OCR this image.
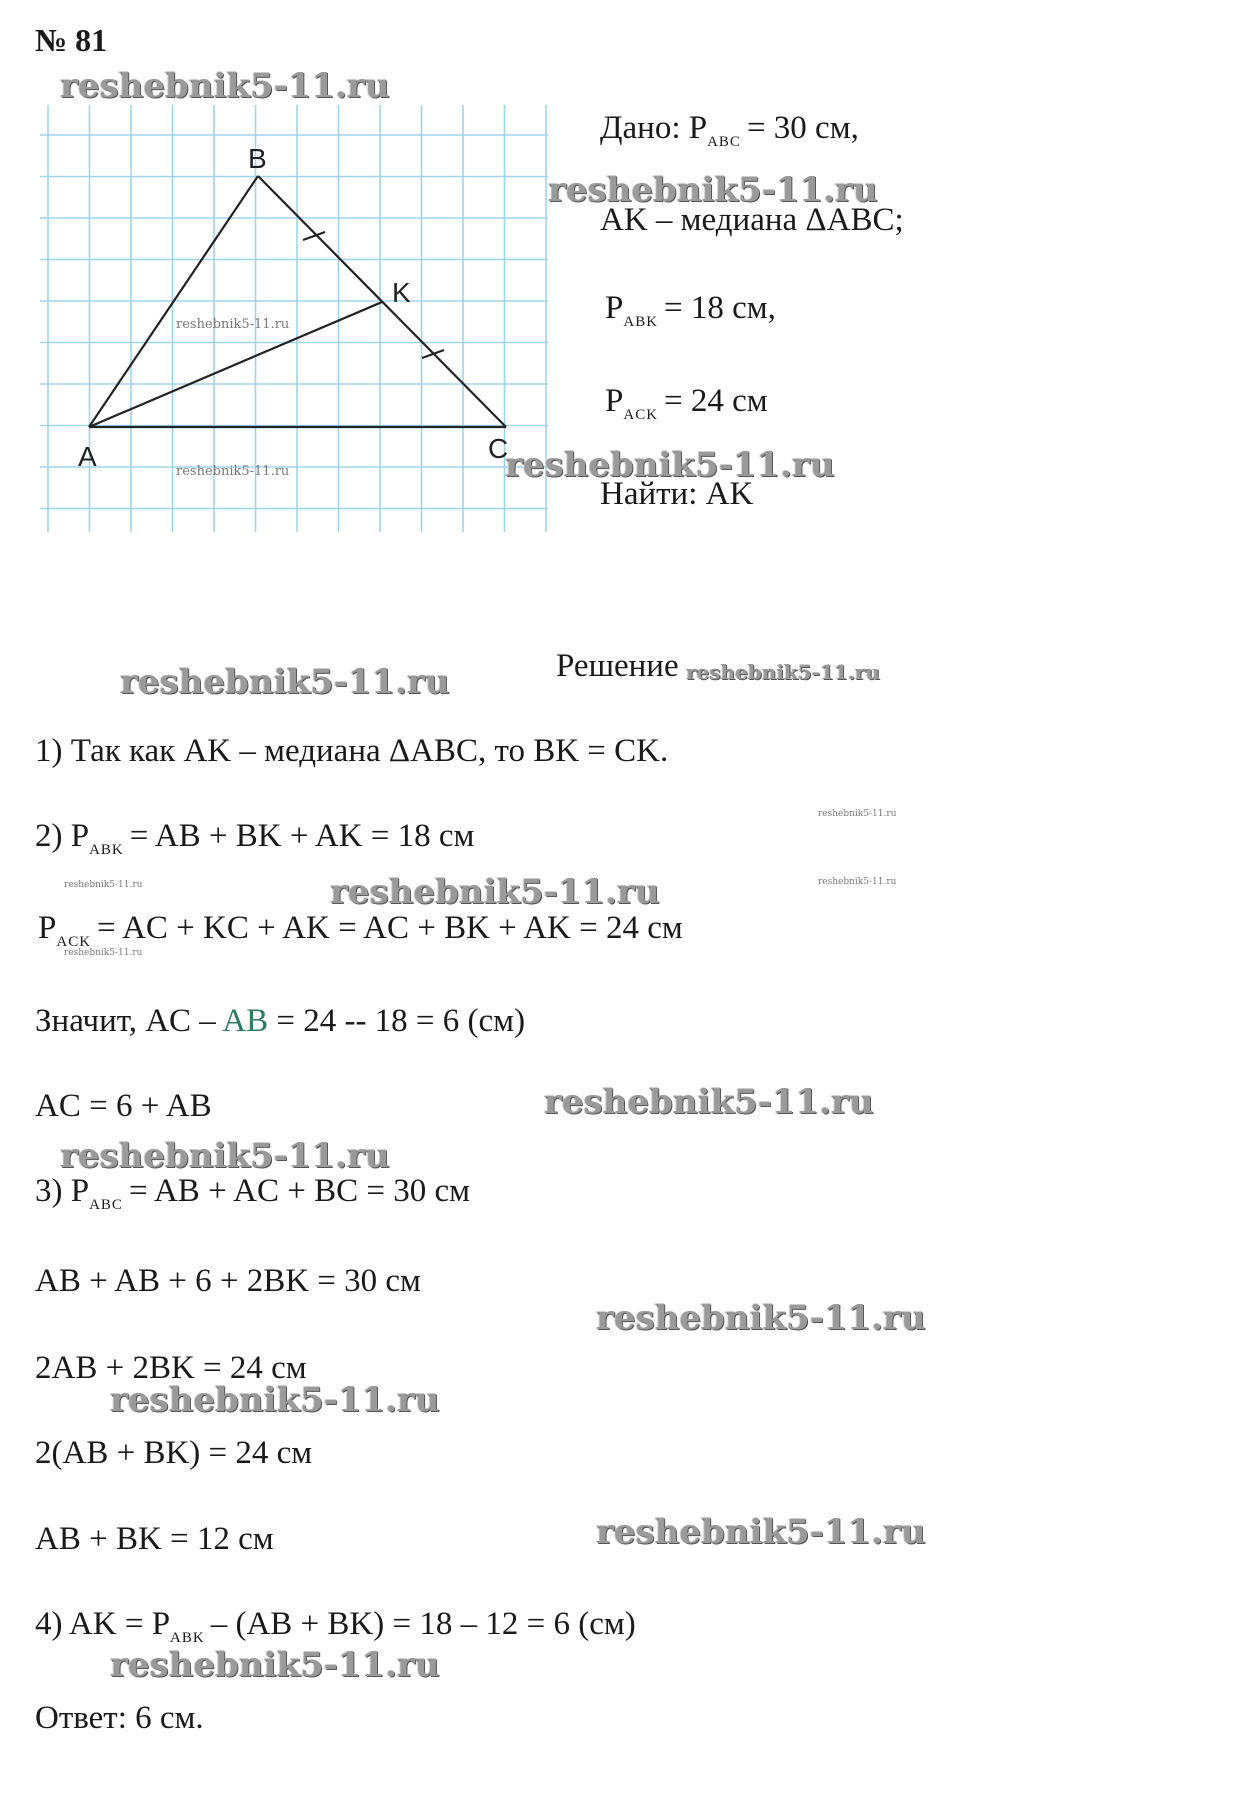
№ 81
B
K
A	C
reshebnik5-11.ru
reshebnik5-11.ru
reshebnik5-11.ru
Дано: $P_{ABC} = 30$ см,
reshebnik5-11.ru
AK – медиана ΔABC;
$P_{ABK} = 18$ см,
$P_{ACK} = 24$ см
reshebnik5-11.ru
Найти: AK
reshebnik5-11.ru	Решение reshebnik5-11.ru
1) Так как AK – медиана ΔABC, то BK = CK.
reshebnik5-11.ru
2) $P_{ABK}$ = AB + BK + AK = 18 см
reshebnik5-11.ru	reshebnik5-11.ru	reshebnik5-11.ru
$P_{ACK}$ = AC + KC + AK = AC + BK + AK = 24 см
reshebnik5-11.ru
Значит, AC – AB = 24 -- 18 = 6 (см)
AC = 6 + AB	reshebnik5-11.ru
reshebnik5-11.ru
3) $P_{ABC}$ = AB + AC + BC = 30 см
AB + AB + 6 + 2BK = 30 см
reshebnik5-11.ru
2AB + 2BK = 24 см
reshebnik5-11.ru
2(AB + BK) = 24 см
AB + BK = 12 см	reshebnik5-11.ru
4) AK = $P_{ABK} - (AB + BK) = 18 - 12 = 6$ (см)
reshebnik5-11.ru
Ответ: 6 см.
